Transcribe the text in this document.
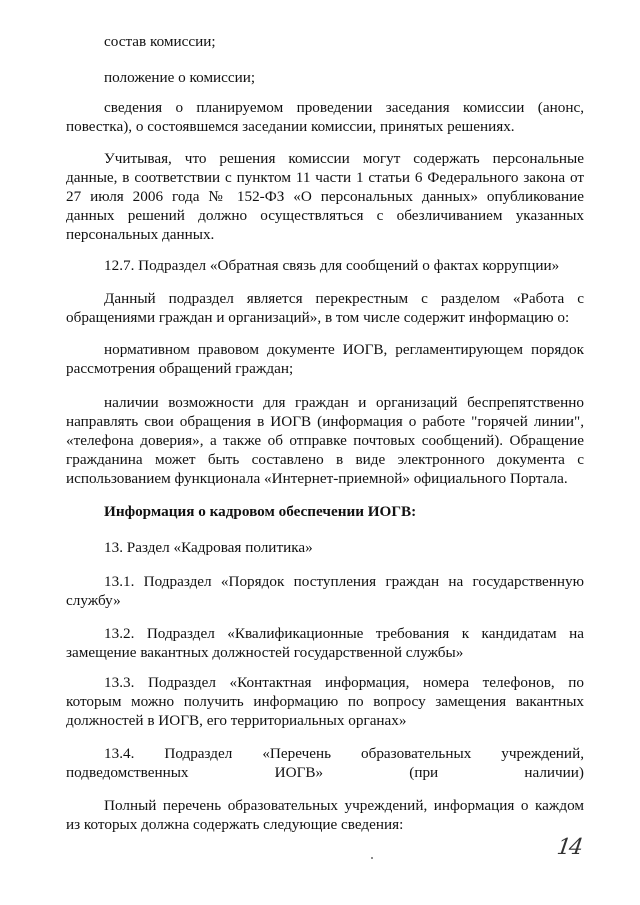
состав комиссии;

положение о комиссии;

сведения о планируемом проведении заседания комиссии (анонс, повестка), о состоявшемся заседании комиссии, принятых решениях.

Учитывая, что решения комиссии могут содержать персональные данные, в соответствии с пунктом 11 части 1 статьи 6 Федерального закона от 27 июля 2006 года № 152-ФЗ «О персональных данных» опубликование данных решений должно осуществляться с обезличиванием указанных персональных данных.

12.7. Подраздел «Обратная связь для сообщений о фактах коррупции»

Данный подраздел является перекрестным с разделом «Работа с обращениями граждан и организаций», в том числе содержит информацию о:

нормативном правовом документе ИОГВ, регламентирующем порядок рассмотрения обращений граждан;

наличии возможности для граждан и организаций беспрепятственно направлять свои обращения в ИОГВ (информация о работе "горячей линии", «телефона доверия», а также об отправке почтовых сообщений). Обращение гражданина может быть составлено в виде электронного документа с использованием функционала «Интернет-приемной» официального Портала.

Информация о кадровом обеспечении ИОГВ:

13. Раздел «Кадровая политика»

13.1. Подраздел «Порядок поступления граждан на государственную службу»

13.2. Подраздел «Квалификационные требования к кандидатам на замещение вакантных должностей государственной службы»

13.3. Подраздел «Контактная информация, номера телефонов, по которым можно получить информацию по вопросу замещения вакантных должностей в ИОГВ, его территориальных органах»

13.4. Подраздел «Перечень образовательных учреждений, подведомственных ИОГВ» (при наличии)

Полный перечень образовательных учреждений, информация о каждом из которых должна содержать следующие сведения:

14
